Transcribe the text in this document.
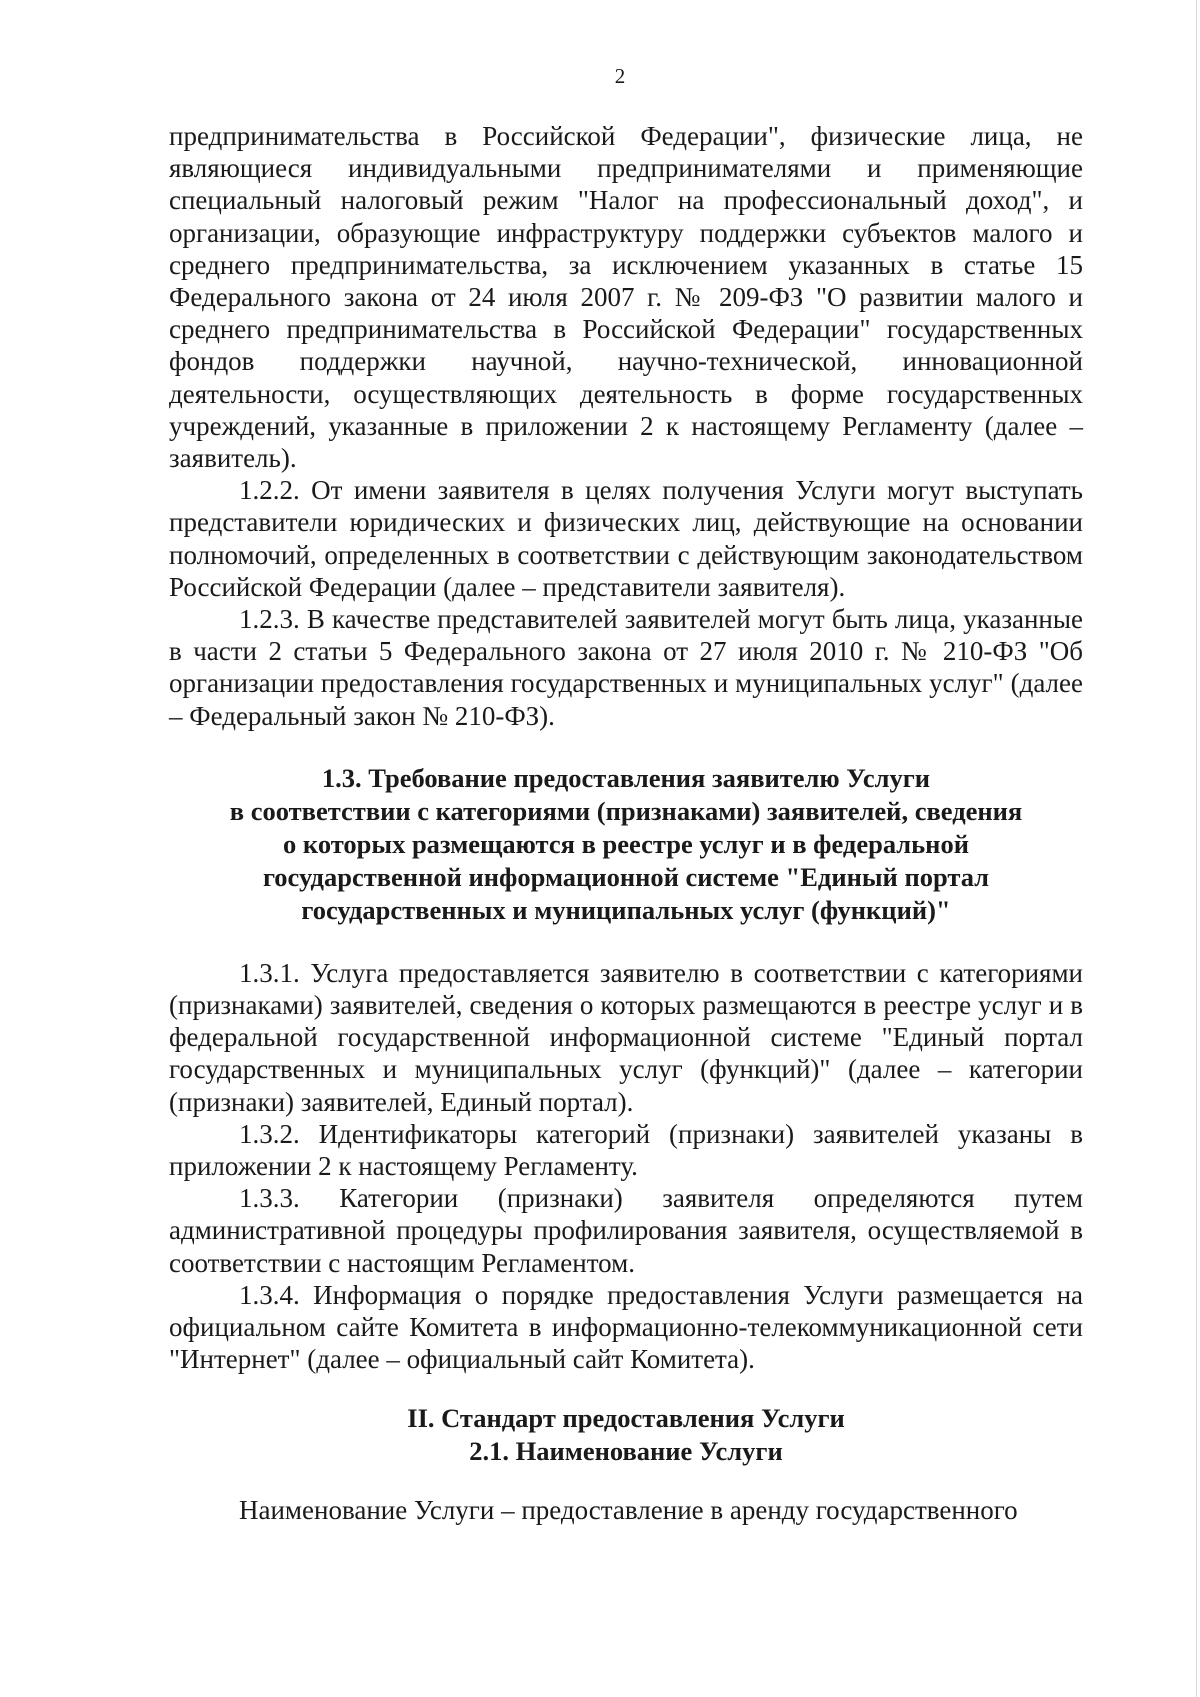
2

предпринимательства в Российской Федерации", физические лица, не являющиеся индивидуальными предпринимателями и применяющие специальный налоговый режим "Налог на профессиональный доход", и организации, образующие инфраструктуру поддержки субъектов малого и среднего предпринимательства, за исключением указанных в статье 15 Федерального закона от 24 июля 2007 г. № 209-ФЗ "О развитии малого и среднего предпринимательства в Российской Федерации" государственных фондов поддержки научной, научно-технической, инновационной деятельности, осуществляющих деятельность в форме государственных учреждений, указанные в приложении 2 к настоящему Регламенту (далее – заявитель).

1.2.2. От имени заявителя в целях получения Услуги могут выступать представители юридических и физических лиц, действующие на основании полномочий, определенных в соответствии с действующим законодательством Российской Федерации (далее – представители заявителя).

1.2.3. В качестве представителей заявителей могут быть лица, указанные в части 2 статьи 5 Федерального закона от 27 июля 2010 г. № 210-ФЗ "Об организации предоставления государственных и муниципальных услуг" (далее – Федеральный закон № 210-ФЗ).

1.3. Требование предоставления заявителю Услуги
в соответствии с категориями (признаками) заявителей, сведения
о которых размещаются в реестре услуг и в федеральной
государственной информационной системе "Единый портал
государственных и муниципальных услуг (функций)"

1.3.1. Услуга предоставляется заявителю в соответствии с категориями (признаками) заявителей, сведения о которых размещаются в реестре услуг и в федеральной государственной информационной системе "Единый портал государственных и муниципальных услуг (функций)" (далее – категории (признаки) заявителей, Единый портал).

1.3.2. Идентификаторы категорий (признаки) заявителей указаны в приложении 2 к настоящему Регламенту.

1.3.3. Категории (признаки) заявителя определяются путем административной процедуры профилирования заявителя, осуществляемой в соответствии с настоящим Регламентом.

1.3.4. Информация о порядке предоставления Услуги размещается на официальном сайте Комитета в информационно-телекоммуникационной сети "Интернет" (далее – официальный сайт Комитета).

II. Стандарт предоставления Услуги
2.1. Наименование Услуги

Наименование Услуги – предоставление в аренду государственного
